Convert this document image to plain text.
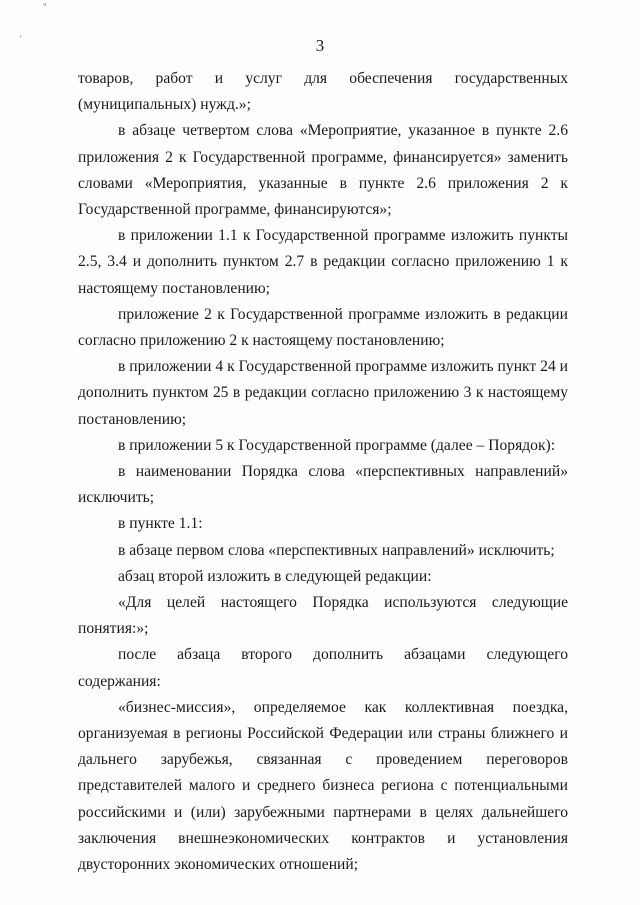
"
'	3

товаров, работ и услуг для обеспечения государственных (муниципальных) нужд.»;

в абзаце четвертом слова «Мероприятие, указанное в пункте 2.6 приложения 2 к Государственной программе, финансируется» заменить словами «Мероприятия, указанные в пункте 2.6 приложения 2 к Государственной программе, финансируются»;

в приложении 1.1 к Государственной программе изложить пункты 2.5, 3.4 и дополнить пунктом 2.7 в редакции согласно приложению 1 к настоящему постановлению;

приложение 2 к Государственной программе изложить в редакции согласно приложению 2 к настоящему постановлению;

в приложении 4 к Государственной программе изложить пункт 24 и дополнить пунктом 25 в редакции согласно приложению 3 к настоящему постановлению;

в приложении 5 к Государственной программе (далее – Порядок):

в наименовании Порядка слова «перспективных направлений» исключить;

в пункте 1.1:

в абзаце первом слова «перспективных направлений» исключить;

абзац второй изложить в следующей редакции:

«Для целей настоящего Порядка используются следующие понятия:»;

после абзаца второго дополнить абзацами следующего содержания:

«бизнес-миссия», определяемое как коллективная поездка, организуемая в регионы Российской Федерации или страны ближнего и дальнего зарубежья, связанная с проведением переговоров представителей малого и среднего бизнеса региона с потенциальными российскими и (или) зарубежными партнерами в целях дальнейшего заключения внешнеэкономических контрактов и установления двусторонних экономических отношений;
